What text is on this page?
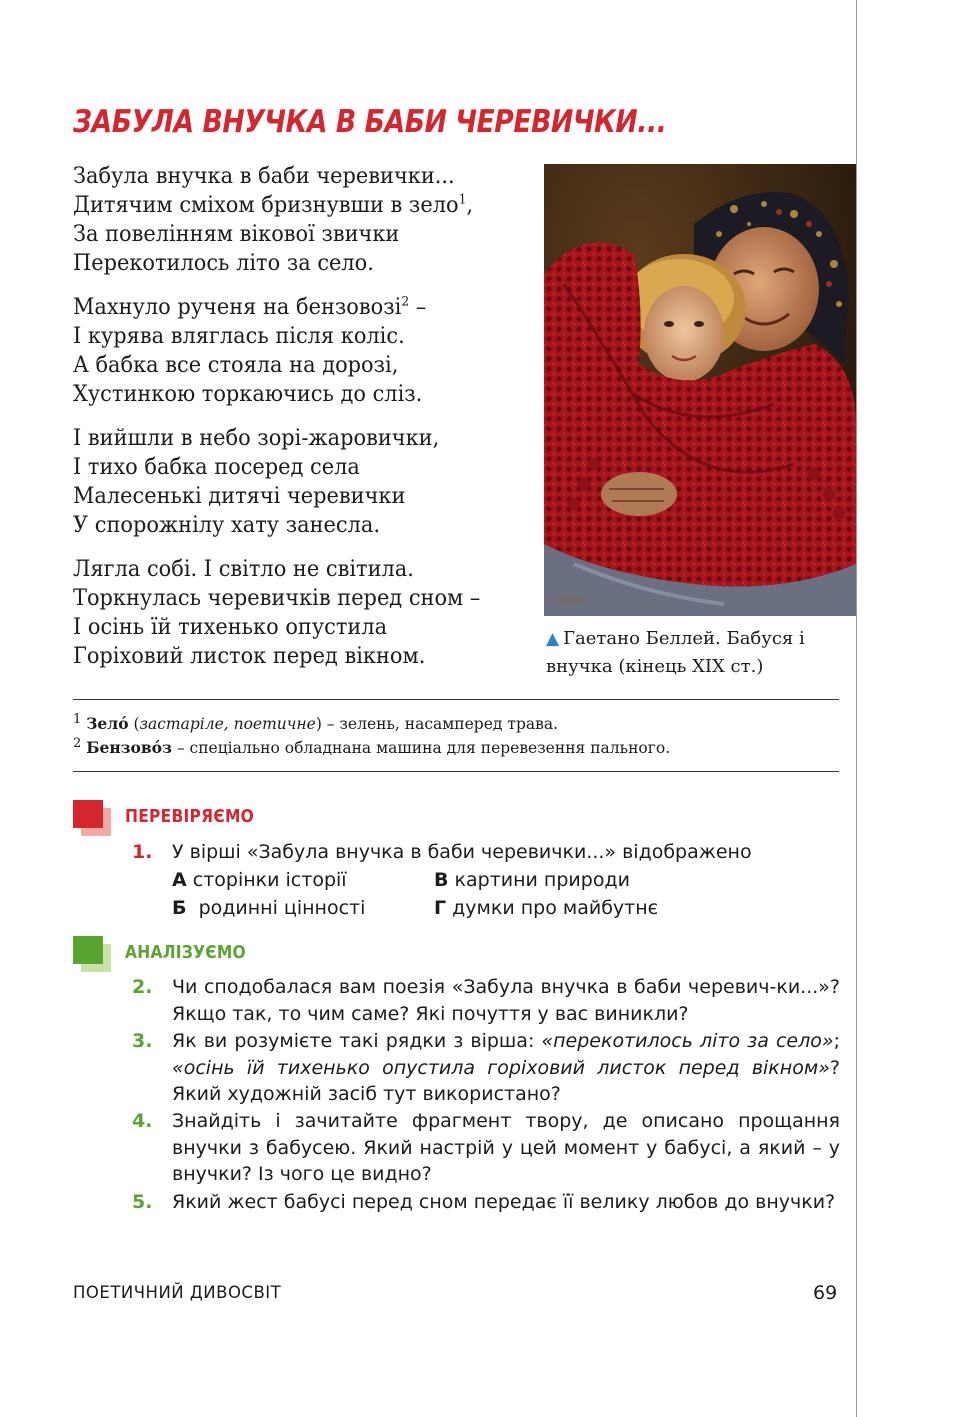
ЗАБУЛА ВНУЧКА В БАБИ ЧЕРЕВИЧКИ...
Забула внучка в баби черевички...
Дитячим сміхом бризнувши в зело$^1$,
За повелінням вікової звички
Перекотилось літо за село.
Махнуло рученя на бензовозі$^2$ –
І курява вляглась після коліс.
А бабка все стояла на дорозі,
Хустинкою торкаючись до сліз.
І вийшли в небо зорі-жаровички,
І тихо бабка посеред села
Малесенькі дитячі черевички
У спорожнілу хату занесла.
Лягла собі. І світло не світила.
Торкнулась черевичків перед сном –
І осінь їй тихенько опустила
Горіховий листок перед вікном.
G.Bellei
▲ Гаетано Беллей. Бабуся і внучка (кінець XIX ст.)
$^1$ Зело́ (застаріле, поетичне) – зелень, насамперед трава.
$^2$ Бензово́з – спеціально обладнана машина для перевезення пального.
ПЕРЕВІРЯЄМО
1.	У вірші «Забула внучка в баби черевички...» відображено
А сторінки історії	В картини природи
Б  родинні цінності	Г думки про майбутнє
АНАЛІЗУЄМО
2.	Чи сподобалася вам поезія «Забула внучка в баби черевич-ки...»? Якщо так, то чим саме? Які почуття у вас виникли?
3.	Як ви розумієте такі рядки з вірша: «перекотилось літо за село»; «осінь їй тихенько опустила горіховий листок перед вікном»? Який художній засіб тут використано?
4.	Знайдіть і зачитайте фрагмент твору, де описано прощання внучки з бабусею. Який настрій у цей момент у бабусі, а який – у внучки? Із чого це видно?
5.	Який жест бабусі перед сном передає її велику любов до внучки?
ПОЕТИЧНИЙ ДИВОСВІТ	69
